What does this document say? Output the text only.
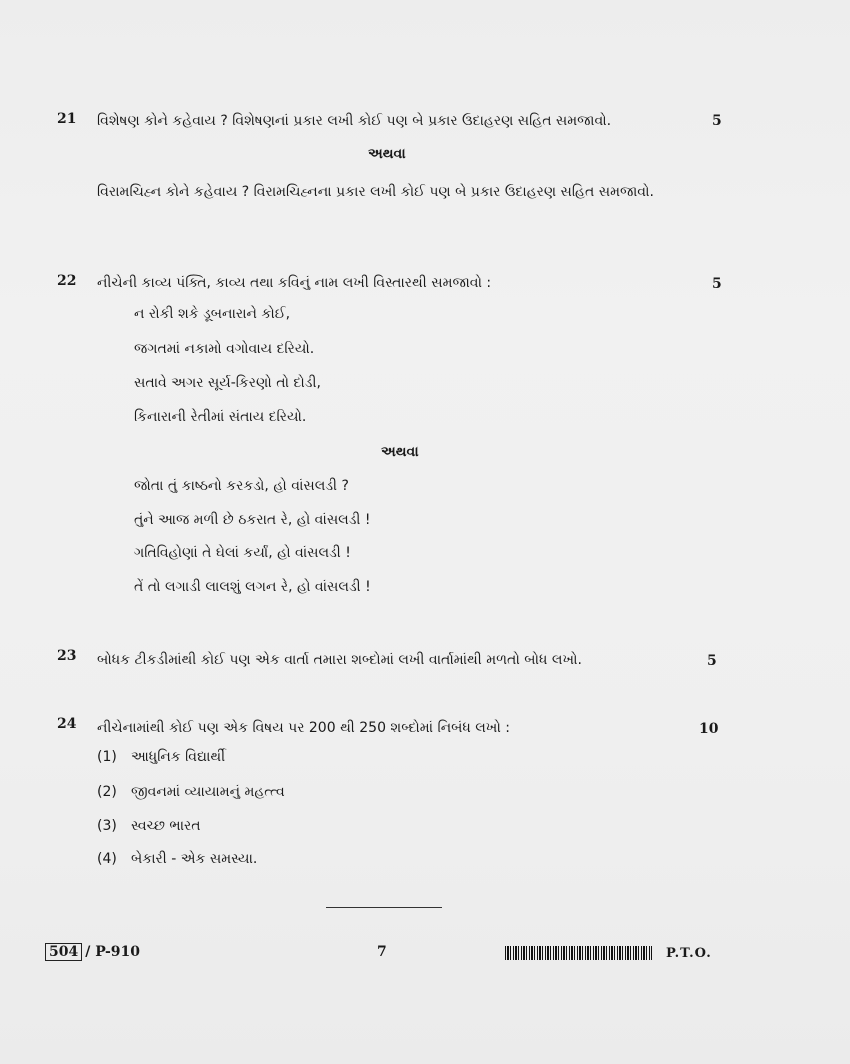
21 વિશેષણ કોને કહેવાય ? વિશેષણનાં પ્રકાર લખી કોઈ પણ બે પ્રકાર ઉદાહરણ સહિત સમજાવો.	5
અથવા
વિરામચિહ્ન કોને કહેવાય ? વિરામચિહ્નના પ્રકાર લખી કોઈ પણ બે પ્રકાર ઉદાહરણ સહિત સમજાવો.
22 નીચેની કાવ્ય પંક્તિ, કાવ્ય તથા કવિનું નામ લખી વિસ્તારથી સમજાવો :	5
ન રોકી શકે ડૂબનારાને કોઈ,
જગતમાં નકામો વગોવાય દરિયો.
સતાવે અગર સૂર્ય-કિરણો તો દોડી,
કિનારાની રેતીમાં સંતાય દરિયો.
અથવા
જોતા તું કાષ્ઠનો કરકડો, હો વાંસલડી ?
તુંને આજ મળી છે ઠકરાત રે, હો વાંસલડી !
ગતિવિહોણાં તે ઘેલાં કર્યાં, હો વાંસલડી !
તેં તો લગાડી લાલશું લગન રે, હો વાંસલડી !
23 બોધક ટીકડીમાંથી કોઈ પણ એક વાર્તા તમારા શબ્દોમાં લખી વાર્તામાંથી મળતો બોધ લખો.	5
24 નીચેનામાંથી કોઈ પણ એક વિષય પર 200 થી 250 શબ્દોમાં નિબંધ લખો :	10
(1) આધુનિક વિદ્યાર્થી
(2) જીવનમાં વ્યાયામનું મહત્ત્વ
(3) સ્વચ્છ ભારત
(4) બેકારી - એક સમસ્યા.
504 / P-910	7	P.T.O.
